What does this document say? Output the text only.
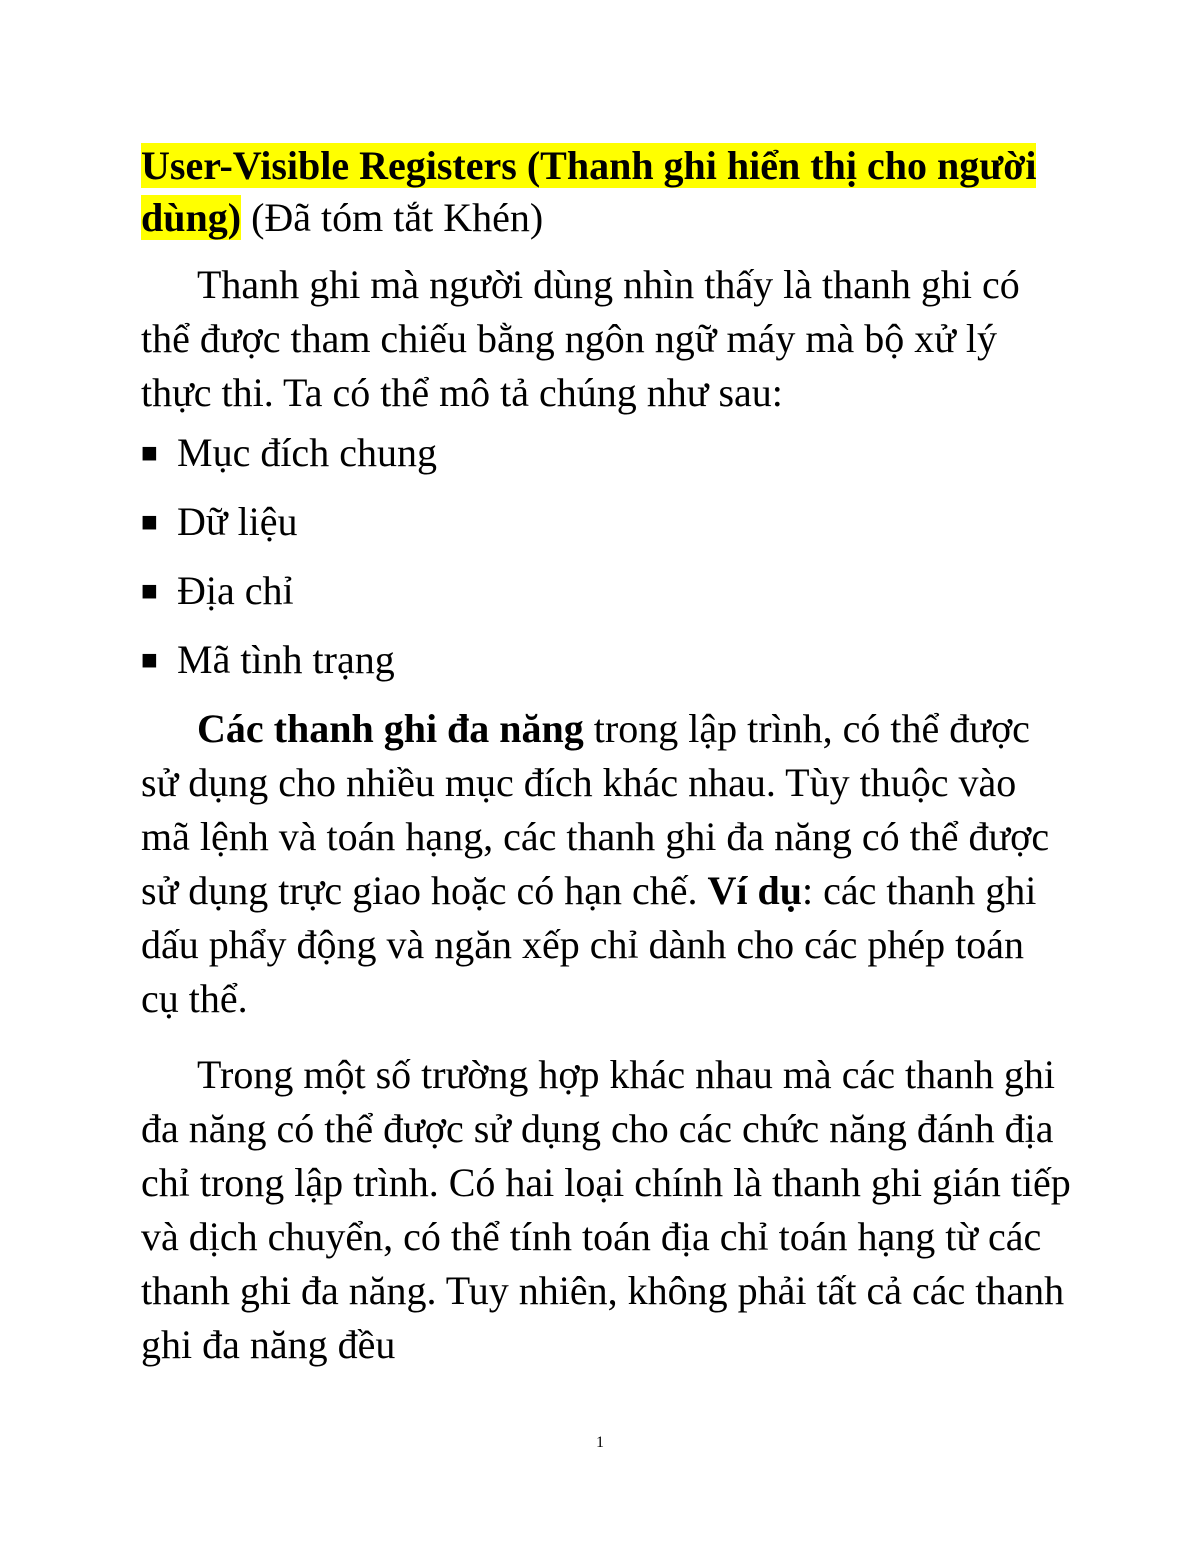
User-Visible Registers (Thanh ghi hiển thị cho người dùng) (Đã tóm tắt Khén)

Thanh ghi mà người dùng nhìn thấy là thanh ghi có thể được tham chiếu bằng ngôn ngữ máy mà bộ xử lý thực thi. Ta có thể mô tả chúng như sau:

■ Mục đích chung
■ Dữ liệu
■ Địa chỉ
■ Mã tình trạng

Các thanh ghi đa năng trong lập trình, có thể được sử dụng cho nhiều mục đích khác nhau. Tùy thuộc vào mã lệnh và toán hạng, các thanh ghi đa năng có thể được sử dụng trực giao hoặc có hạn chế. Ví dụ: các thanh ghi dấu phẩy động và ngăn xếp chỉ dành cho các phép toán cụ thể.

Trong một số trường hợp khác nhau mà các thanh ghi đa năng có thể được sử dụng cho các chức năng đánh địa chỉ trong lập trình. Có hai loại chính là thanh ghi gián tiếp và dịch chuyển, có thể tính toán địa chỉ toán hạng từ các thanh ghi đa năng. Tuy nhiên, không phải tất cả các thanh ghi đa năng đều

1
